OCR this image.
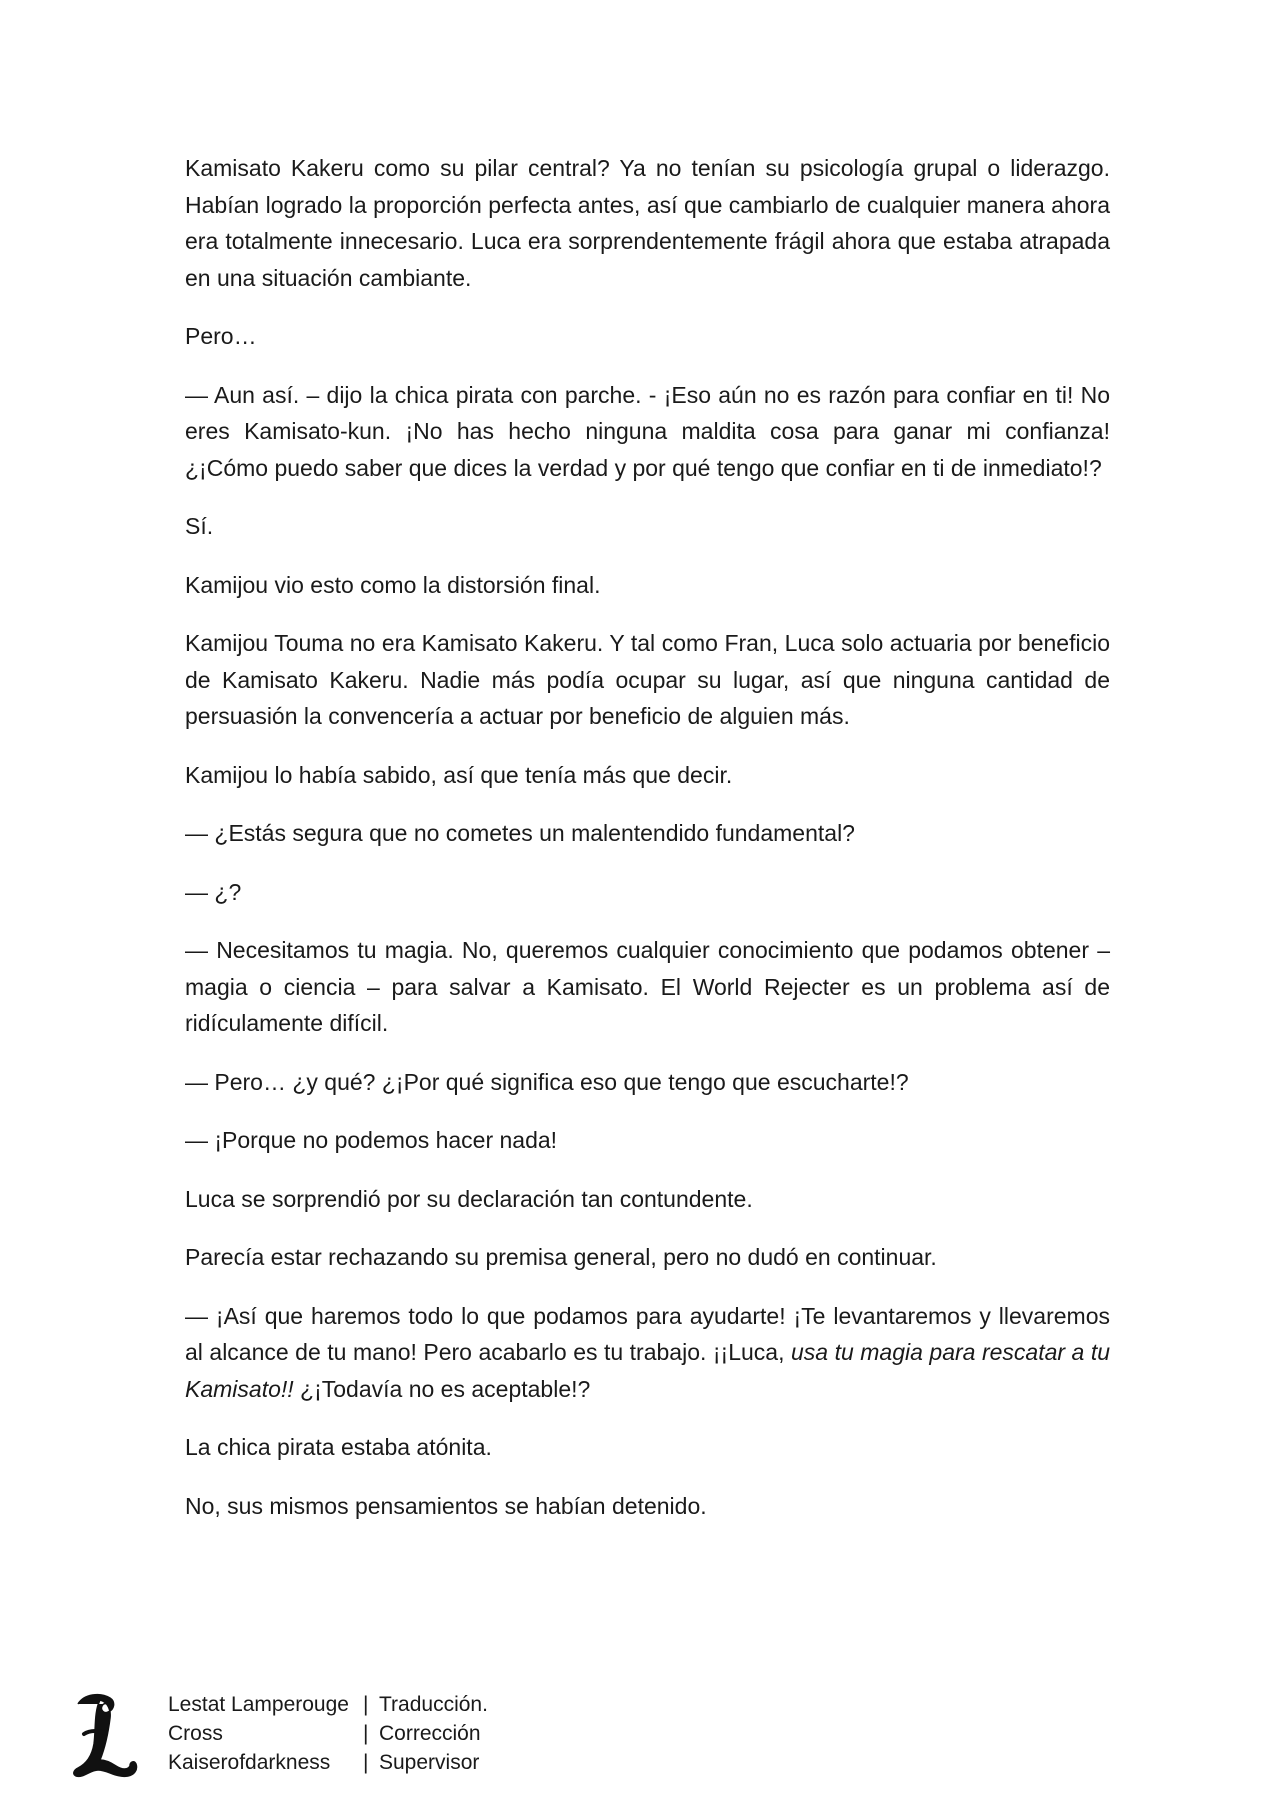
Kamisato Kakeru como su pilar central? Ya no tenían su psicología grupal o liderazgo. Habían logrado la proporción perfecta antes, así que cambiarlo de cualquier manera ahora era totalmente innecesario. Luca era sorprendentemente frágil ahora que estaba atrapada en una situación cambiante.

Pero…

— Aun así. – dijo la chica pirata con parche. - ¡Eso aún no es razón para confiar en ti! No eres Kamisato-kun. ¡No has hecho ninguna maldita cosa para ganar mi confianza! ¿¡Cómo puedo saber que dices la verdad y por qué tengo que confiar en ti de inmediato!?

Sí.

Kamijou vio esto como la distorsión final.

Kamijou Touma no era Kamisato Kakeru. Y tal como Fran, Luca solo actuaria por beneficio de Kamisato Kakeru. Nadie más podía ocupar su lugar, así que ninguna cantidad de persuasión la convencería a actuar por beneficio de alguien más.

Kamijou lo había sabido, así que tenía más que decir.

— ¿Estás segura que no cometes un malentendido fundamental?

— ¿?

— Necesitamos tu magia. No, queremos cualquier conocimiento que podamos obtener – magia o ciencia – para salvar a Kamisato. El World Rejecter es un problema así de ridículamente difícil.

— Pero… ¿y qué? ¿¡Por qué significa eso que tengo que escucharte!?

— ¡Porque no podemos hacer nada!

Luca se sorprendió por su declaración tan contundente.

Parecía estar rechazando su premisa general, pero no dudó en continuar.

— ¡Así que haremos todo lo que podamos para ayudarte! ¡Te levantaremos y llevaremos al alcance de tu mano! Pero acabarlo es tu trabajo. ¡¡Luca, usa tu magia para rescatar a tu Kamisato!! ¿¡Todavía no es aceptable!?

La chica pirata estaba atónita.

No, sus mismos pensamientos se habían detenido.

Lestat Lamperouge | Traducción.
Cross	| Corrección
Kaiserofdarkness	| Supervisor
